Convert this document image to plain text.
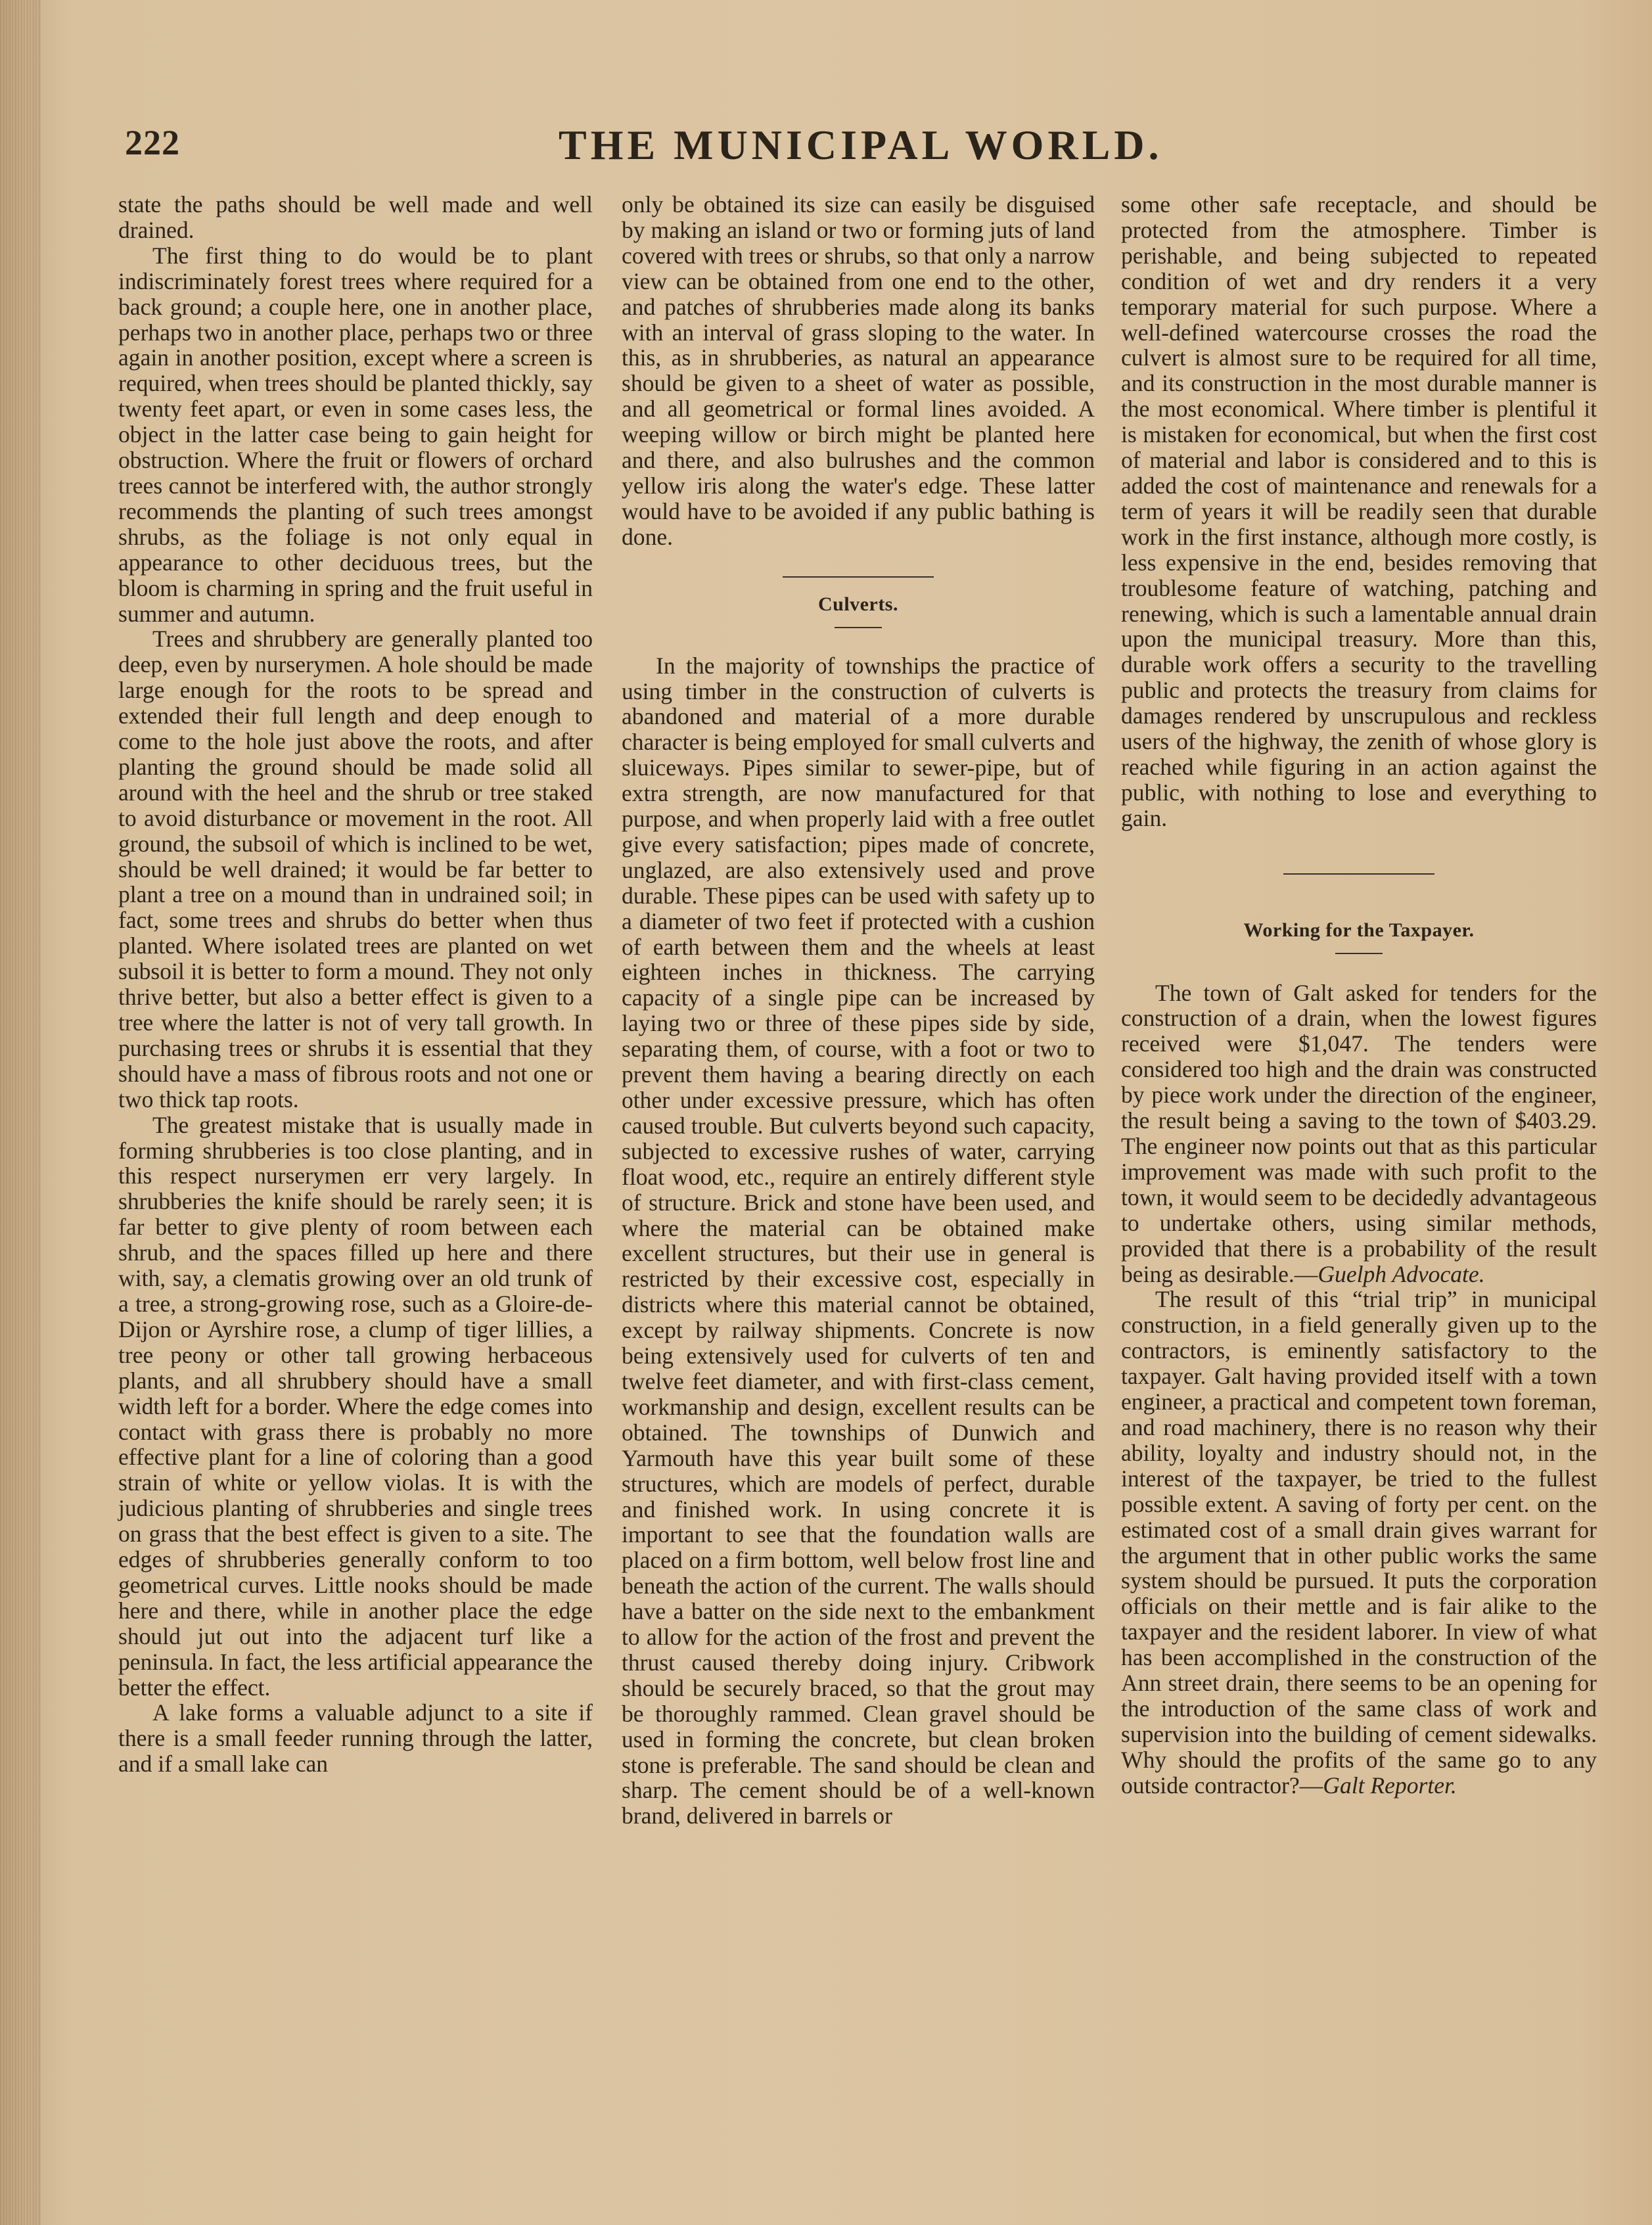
222	THE MUNICIPAL WORLD.

state the paths should be well made and well drained.

The first thing to do would be to plant indiscriminately forest trees where required for a back ground; a couple here, one in another place, perhaps two in another place, perhaps two or three again in another position, except where a screen is required, when trees should be planted thickly, say twenty feet apart, or even in some cases less, the object in the latter case being to gain height for obstruction. Where the fruit or flowers of orchard trees cannot be interfered with, the author strongly recommends the planting of such trees amongst shrubs, as the foliage is not only equal in appearance to other deciduous trees, but the bloom is charming in spring and the fruit useful in summer and autumn.

Trees and shrubbery are generally planted too deep, even by nurserymen. A hole should be made large enough for the roots to be spread and extended their full length and deep enough to come to the hole just above the roots, and after planting the ground should be made solid all around with the heel and the shrub or tree staked to avoid disturbance or movement in the root. All ground, the subsoil of which is inclined to be wet, should be well drained; it would be far better to plant a tree on a mound than in undrained soil; in fact, some trees and shrubs do better when thus planted. Where isolated trees are planted on wet subsoil it is better to form a mound. They not only thrive better, but also a better effect is given to a tree where the latter is not of very tall growth. In purchasing trees or shrubs it is essential that they should have a mass of fibrous roots and not one or two thick tap roots.

The greatest mistake that is usually made in forming shrubberies is too close planting, and in this respect nurserymen err very largely. In shrubberies the knife should be rarely seen; it is far better to give plenty of room between each shrub, and the spaces filled up here and there with, say, a clematis growing over an old trunk of a tree, a strong-growing rose, such as a Gloire-de-Dijon or Ayrshire rose, a clump of tiger lillies, a tree peony or other tall growing herbaceous plants, and all shrubbery should have a small width left for a border. Where the edge comes into contact with grass there is probably no more effective plant for a line of coloring than a good strain of white or yellow violas. It is with the judicious planting of shrubberies and single trees on grass that the best effect is given to a site. The edges of shrubberies generally conform to too geometrical curves. Little nooks should be made here and there, while in another place the edge should jut out into the adjacent turf like a peninsula. In fact, the less artificial appearance the better the effect.

A lake forms a valuable adjunct to a site if there is a small feeder running through the latter, and if a small lake can

only be obtained its size can easily be disguised by making an island or two or forming juts of land covered with trees or shrubs, so that only a narrow view can be obtained from one end to the other, and patches of shrubberies made along its banks with an interval of grass sloping to the water. In this, as in shrubberies, as natural an appearance should be given to a sheet of water as possible, and all geometrical or formal lines avoided. A weeping willow or birch might be planted here and there, and also bulrushes and the common yellow iris along the water's edge. These latter would have to be avoided if any public bathing is done.

Culverts.

In the majority of townships the practice of using timber in the construction of culverts is abandoned and material of a more durable character is being employed for small culverts and sluiceways. Pipes similar to sewer-pipe, but of extra strength, are now manufactured for that purpose, and when properly laid with a free outlet give every satisfaction; pipes made of concrete, unglazed, are also extensively used and prove durable. These pipes can be used with safety up to a diameter of two feet if protected with a cushion of earth between them and the wheels at least eighteen inches in thickness. The carrying capacity of a single pipe can be increased by laying two or three of these pipes side by side, separating them, of course, with a foot or two to prevent them having a bearing directly on each other under excessive pressure, which has often caused trouble. But culverts beyond such capacity, subjected to excessive rushes of water, carrying float wood, etc., require an entirely different style of structure. Brick and stone have been used, and where the material can be obtained make excellent structures, but their use in general is restricted by their excessive cost, especially in districts where this material cannot be obtained, except by railway shipments. Concrete is now being extensively used for culverts of ten and twelve feet diameter, and with first-class cement, workmanship and design, excellent results can be obtained. The townships of Dunwich and Yarmouth have this year built some of these structures, which are models of perfect, durable and finished work. In using concrete it is important to see that the foundation walls are placed on a firm bottom, well below frost line and beneath the action of the current. The walls should have a batter on the side next to the embankment to allow for the action of the frost and prevent the thrust caused thereby doing injury. Cribwork should be securely braced, so that the grout may be thoroughly rammed. Clean gravel should be used in forming the concrete, but clean broken stone is preferable. The sand should be clean and sharp. The cement should be of a well-known brand, delivered in barrels or

some other safe receptacle, and should be protected from the atmosphere. Timber is perishable, and being subjected to repeated condition of wet and dry renders it a very temporary material for such purpose. Where a well-defined watercourse crosses the road the culvert is almost sure to be required for all time, and its construction in the most durable manner is the most economical. Where timber is plentiful it is mistaken for economical, but when the first cost of material and labor is considered and to this is added the cost of maintenance and renewals for a term of years it will be readily seen that durable work in the first instance, although more costly, is less expensive in the end, besides removing that troublesome feature of watching, patching and renewing, which is such a lamentable annual drain upon the municipal treasury. More than this, durable work offers a security to the travelling public and protects the treasury from claims for damages rendered by unscrupulous and reckless users of the highway, the zenith of whose glory is reached while figuring in an action against the public, with nothing to lose and everything to gain.

Working for the Taxpayer.

The town of Galt asked for tenders for the construction of a drain, when the lowest figures received were $1,047. The tenders were considered too high and the drain was constructed by piece work under the direction of the engineer, the result being a saving to the town of $403.29. The engineer now points out that as this particular improvement was made with such profit to the town, it would seem to be decidedly advantageous to undertake others, using similar methods, provided that there is a probability of the result being as desirable.—Guelph Advocate.

The result of this “trial trip” in municipal construction, in a field generally given up to the contractors, is eminently satisfactory to the taxpayer. Galt having provided itself with a town engineer, a practical and competent town foreman, and road machinery, there is no reason why their ability, loyalty and industry should not, in the interest of the taxpayer, be tried to the fullest possible extent. A saving of forty per cent. on the estimated cost of a small drain gives warrant for the argument that in other public works the same system should be pursued. It puts the corporation officials on their mettle and is fair alike to the taxpayer and the resident laborer. In view of what has been accomplished in the construction of the Ann street drain, there seems to be an opening for the introduction of the same class of work and supervision into the building of cement sidewalks. Why should the profits of the same go to any outside contractor?—Galt Reporter.
